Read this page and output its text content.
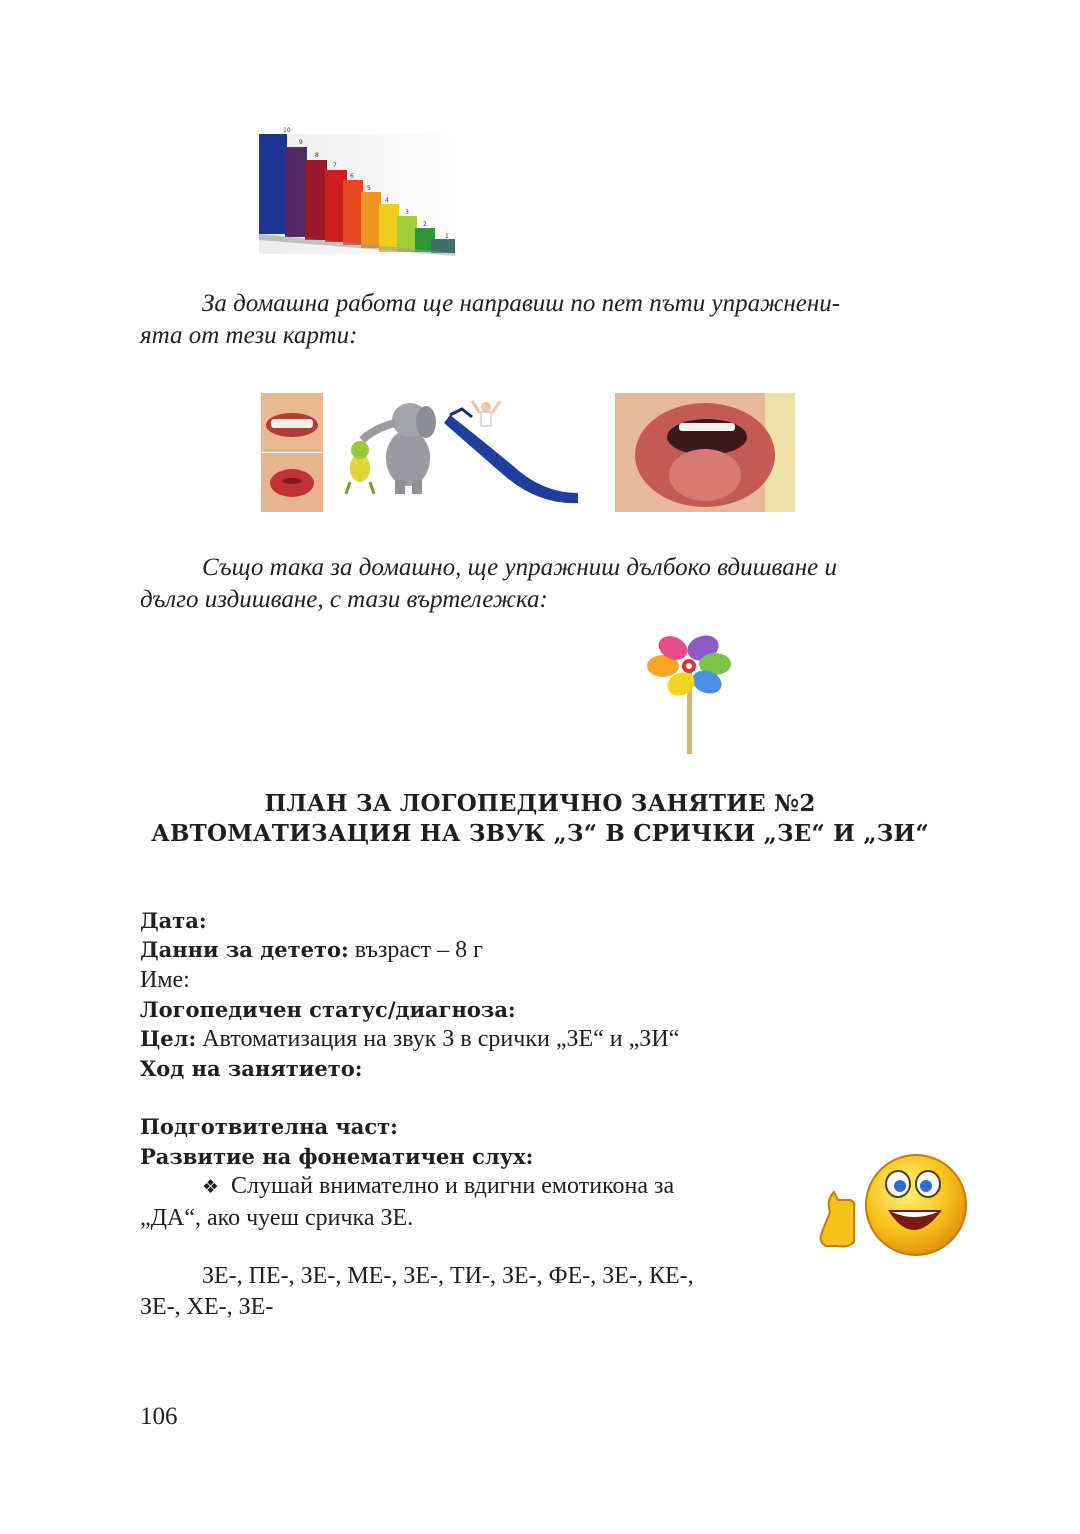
10
9
8
7
6
5
4
3
2
1
За домашна работа ще направиш по пет пъти упражнени-
ята от тези карти:
Също така за домашно, ще упражниш дълбоко вдишване и
дълго издишване, с тази въртележка:
ПЛАН ЗА ЛОГОПЕДИЧНО ЗАНЯТИЕ №2
АВТОМАТИЗАЦИЯ НА ЗВУК „З“ В СРИЧКИ „ЗЕ“ И „ЗИ“
Дата:
Данни за детето: възраст – 8 г
Име:
Логопедичен статус/диагноза:
Цел: Автоматизация на звук З в срички „ЗЕ“ и „ЗИ“
Ход на занятието:
Подготвителна част:
Развитие на фонематичен слух:
❖ Слушай внимателно и вдигни емотикона за
„ДА“, ако чуеш сричка ЗЕ.
ЗЕ-, ПЕ-, ЗЕ-, МЕ-, ЗЕ-, ТИ-, ЗЕ-, ФЕ-, ЗЕ-, КЕ-,
ЗЕ-, ХЕ-, ЗЕ-
106
